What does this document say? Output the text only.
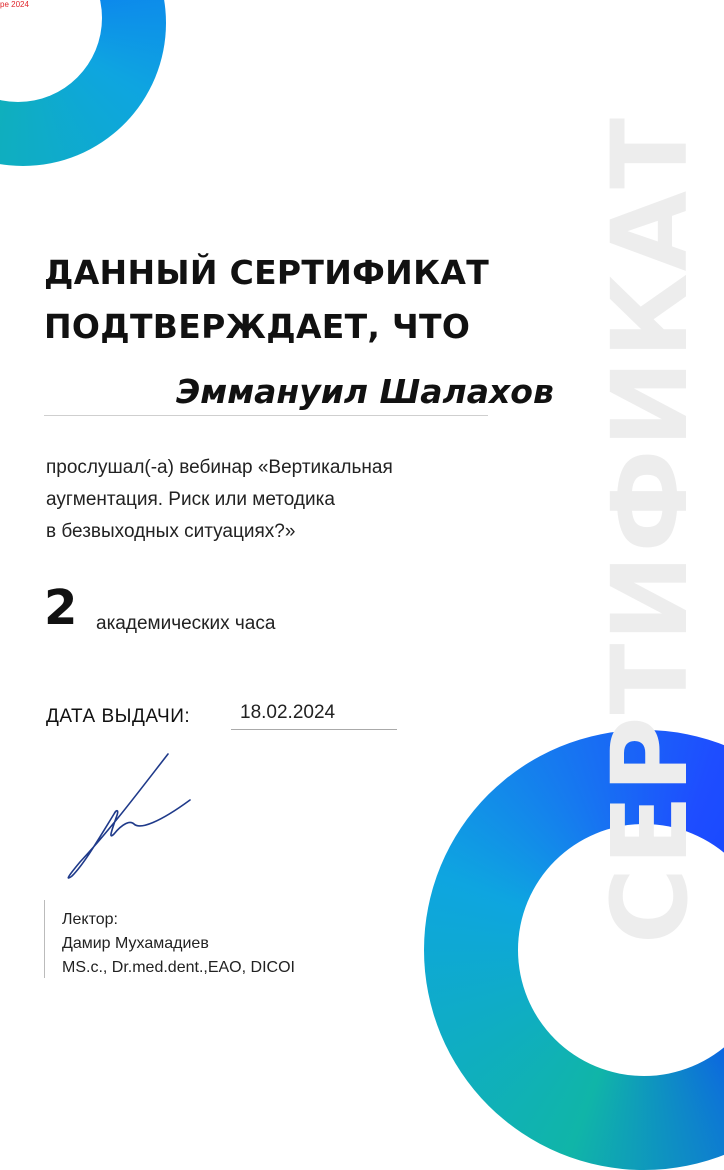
СЕРТИФИКАТ
ре 2024
ДАННЫЙ СЕРТИФИКАТ
ПОДТВЕРЖДАЕТ, ЧТО
Эммануил Шалахов

прослушал(-а) вебинар «Вертикальная
аугментация. Риск или методика
в безвыходных ситуациях?»

2 академических часа
ДАТА ВЫДАЧИ:	18.02.2024

Лектор:
Дамир Мухамадиев
MS.c., Dr.med.dent.,EAO, DICOI
